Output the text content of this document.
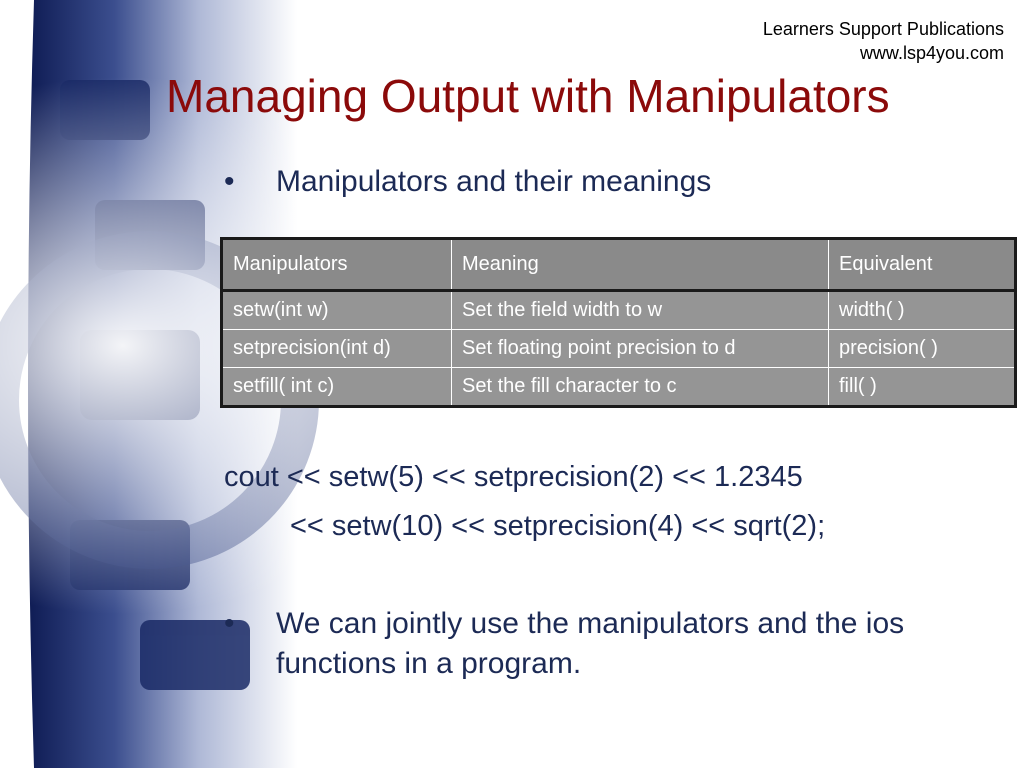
Learners Support Publications
www.lsp4you.com
Managing Output with Manipulators
•	Manipulators and their meanings
Manipulators	Meaning	Equivalent
setw(int w)	Set the field width to w	width( )
setprecision(int d)	Set floating point precision to d	precision( )
setfill( int c)	Set the fill character to c	fill( )
cout << setw(5) << setprecision(2) << 1.2345
<< setw(10) << setprecision(4) << sqrt(2);
•	We can jointly use the manipulators and the ios functions in a program.
